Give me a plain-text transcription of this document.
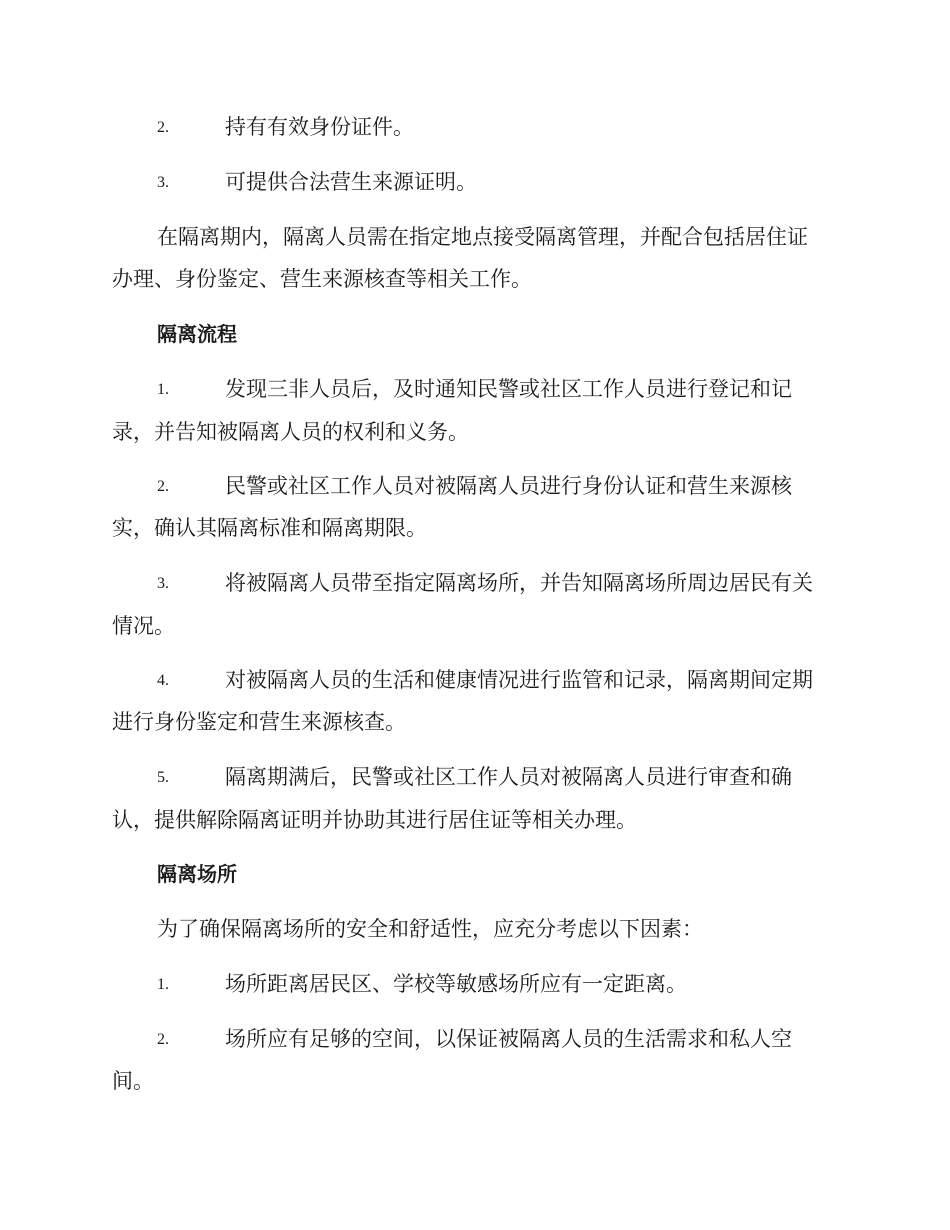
2.	持有有效身份证件。
3.	可提供合法营生来源证明。
在隔离期内，隔离人员需在指定地点接受隔离管理，并配合包括居住证
办理、身份鉴定、营生来源核查等相关工作。
隔离流程
1.	发现三非人员后，及时通知民警或社区工作人员进行登记和记
录，并告知被隔离人员的权利和义务。
2.	民警或社区工作人员对被隔离人员进行身份认证和营生来源核
实，确认其隔离标准和隔离期限。
3.	将被隔离人员带至指定隔离场所，并告知隔离场所周边居民有关
情况。
4.	对被隔离人员的生活和健康情况进行监管和记录，隔离期间定期
进行身份鉴定和营生来源核查。
5.	隔离期满后，民警或社区工作人员对被隔离人员进行审查和确
认，提供解除隔离证明并协助其进行居住证等相关办理。
隔离场所
为了确保隔离场所的安全和舒适性，应充分考虑以下因素：
1.	场所距离居民区、学校等敏感场所应有一定距离。
2.	场所应有足够的空间，以保证被隔离人员的生活需求和私人空
间。
